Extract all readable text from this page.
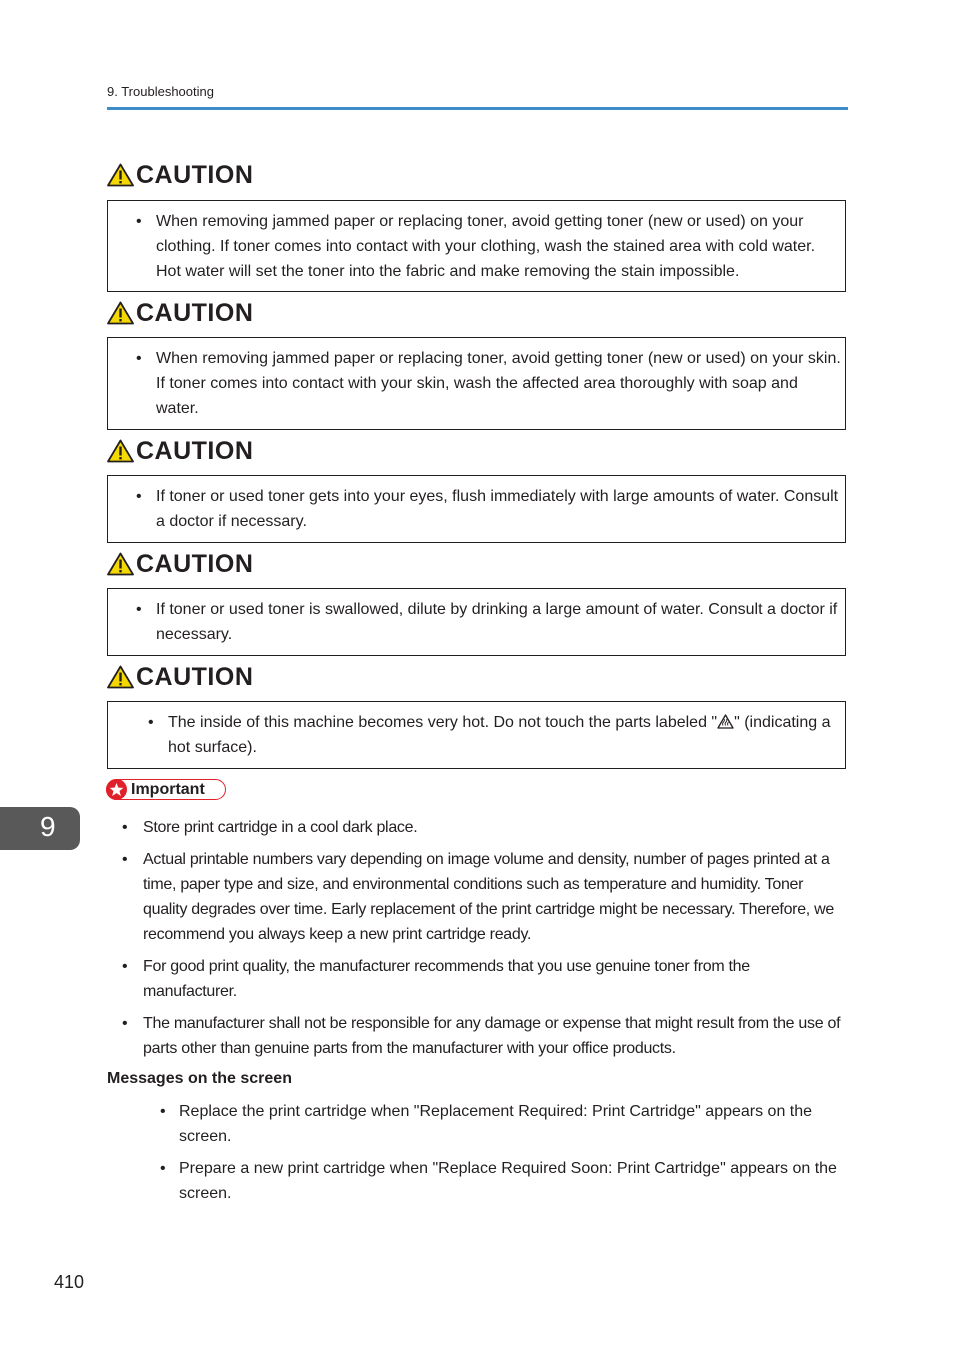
9. Troubleshooting
CAUTION
• When removing jammed paper or replacing toner, avoid getting toner (new or used) on your clothing. If toner comes into contact with your clothing, wash the stained area with cold water. Hot water will set the toner into the fabric and make removing the stain impossible.
CAUTION
• When removing jammed paper or replacing toner, avoid getting toner (new or used) on your skin. If toner comes into contact with your skin, wash the affected area thoroughly with soap and water.
CAUTION
• If toner or used toner gets into your eyes, flush immediately with large amounts of water. Consult a doctor if necessary.
CAUTION
• If toner or used toner is swallowed, dilute by drinking a large amount of water. Consult a doctor if necessary.
CAUTION
• The inside of this machine becomes very hot. Do not touch the parts labeled " " (indicating a hot surface).
Important
• Store print cartridge in a cool dark place.
• Actual printable numbers vary depending on image volume and density, number of pages printed at a time, paper type and size, and environmental conditions such as temperature and humidity. Toner quality degrades over time. Early replacement of the print cartridge might be necessary. Therefore, we recommend you always keep a new print cartridge ready.
• For good print quality, the manufacturer recommends that you use genuine toner from the manufacturer.
• The manufacturer shall not be responsible for any damage or expense that might result from the use of parts other than genuine parts from the manufacturer with your office products.
9
Messages on the screen
• Replace the print cartridge when "Replacement Required: Print Cartridge" appears on the screen.
• Prepare a new print cartridge when "Replace Required Soon: Print Cartridge" appears on the screen.
410
